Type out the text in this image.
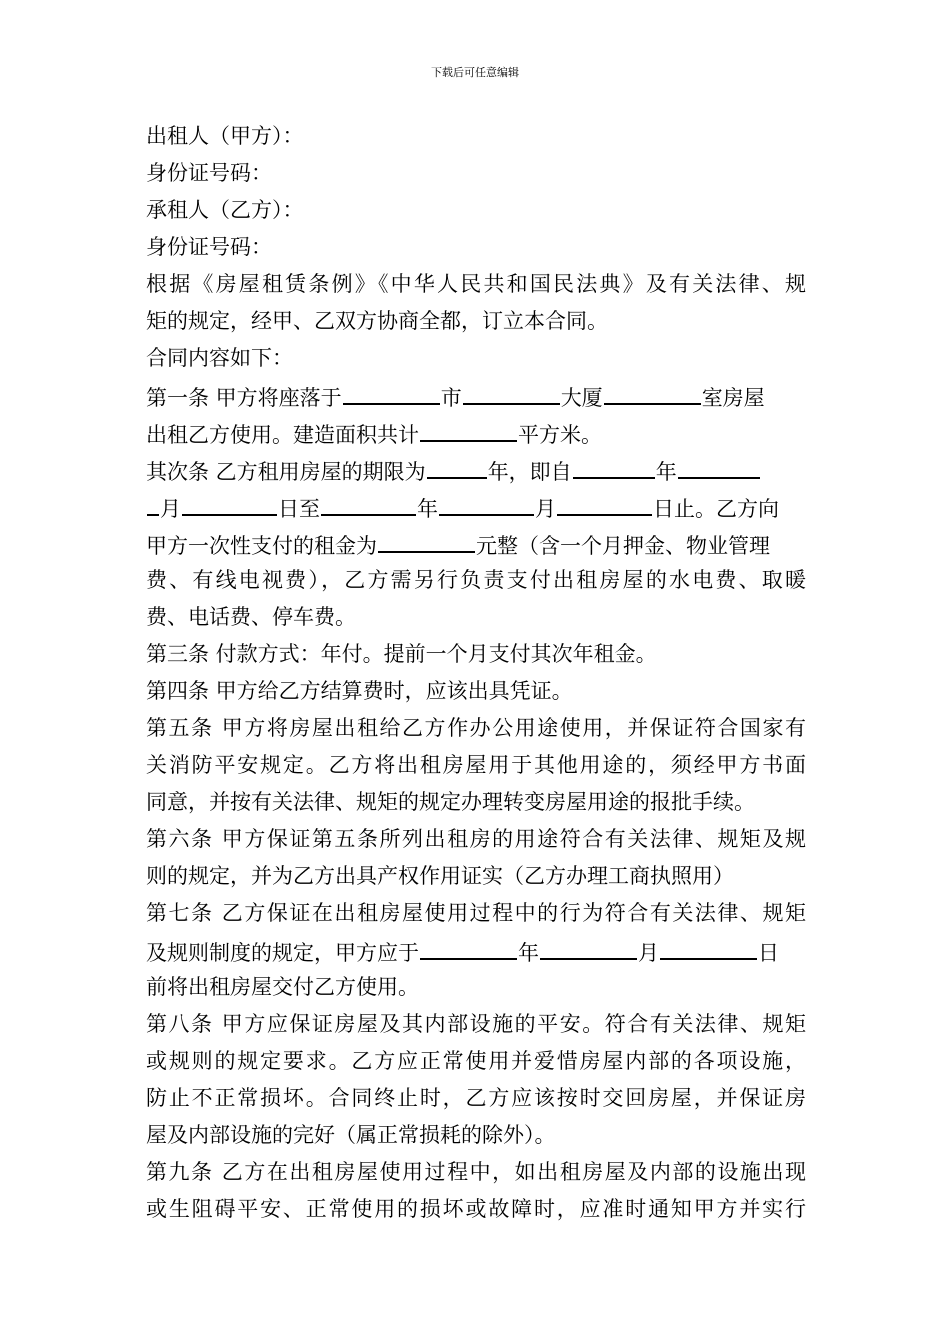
下载后可任意编辑
出租人（甲方）：
身份证号码：
承租人（乙方）：
身份证号码：
根据《房屋租赁条例》《中华人民共和国民法典》及有关法律、规
矩的规定，经甲、乙双方协商全都，订立本合同。
合同内容如下：
第一条 甲方将座落于	市	大厦	室房屋
出租乙方使用。建造面积共计	平方米。
其次条 乙方租用房屋的期限为	年，即自	年
月	日至	年	月	日止。乙方向
甲方一次性支付的租金为	元整（含一个月押金、物业管理
费、有线电视费），乙方需另行负责支付出租房屋的水电费、取暖
费、电话费、停车费。
第三条 付款方式：年付。提前一个月支付其次年租金。
第四条 甲方给乙方结算费时，应该出具凭证。
第五条 甲方将房屋出租给乙方作办公用途使用，并保证符合国家有
关消防平安规定。乙方将出租房屋用于其他用途的，须经甲方书面
同意，并按有关法律、规矩的规定办理转变房屋用途的报批手续。
第六条 甲方保证第五条所列出租房的用途符合有关法律、规矩及规
则的规定，并为乙方出具产权作用证实（乙方办理工商执照用）
第七条 乙方保证在出租房屋使用过程中的行为符合有关法律、规矩
及规则制度的规定，甲方应于	年	月	日
前将出租房屋交付乙方使用。
第八条 甲方应保证房屋及其内部设施的平安。符合有关法律、规矩
或规则的规定要求。乙方应正常使用并爱惜房屋内部的各项设施，
防止不正常损坏。合同终止时，乙方应该按时交回房屋，并保证房
屋及内部设施的完好（属正常损耗的除外）。
第九条 乙方在出租房屋使用过程中，如出租房屋及内部的设施出现
或生阻碍平安、正常使用的损坏或故障时，应准时通知甲方并实行
